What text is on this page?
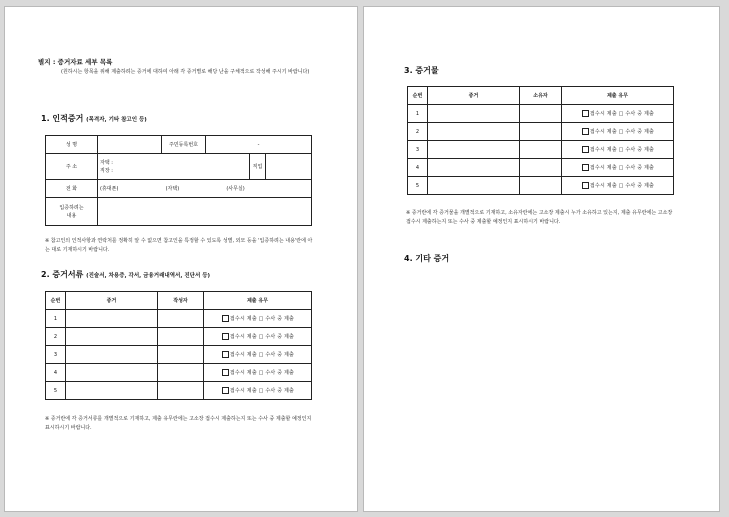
별지 : 증거자료 세부 목록
(원하시는 항목을 위해 제출하려는 증거에 대하여 아래 각 증거별로 해당 난을 구체적으로 작성해 주시기 바랍니다)
1. 인적증거 (목격자, 기타 참고인 등)
성 명		주민등록번호	-		
주 소	자택 :
직장 :			직업	
전 화	(휴대폰) (자택) (사무실)				

입증하려는
내용					

※ 참고인의 인적사항과 연락처를 정확히 알 수 없으면 참고인을 특정할 수 있도록 성별, 외모 등을 '입증하려는 내용'란에 아는 대로 기재하시기 바랍니다.
2. 증거서류 (진술서, 차용증, 각서, 금융거래내역서, 진단서 등)
순번	증거	작성자	제출 유무
1			접수시 제출 □ 수사 중 제출
2			접수시 제출 □ 수사 중 제출
3			접수시 제출 □ 수사 중 제출
4			접수시 제출 □ 수사 중 제출
5			접수시 제출 □ 수사 중 제출
※ 증거란에 각 증거서류를 개별적으로 기재하고, 제출 유무란에는 고소장 접수시 제출하는지 또는 수사 중 제출할 예정인지 표시하시기 바랍니다.
3. 증거물
순번	증거	소유자	제출 유무
1			접수시 제출 □ 수사 중 제출
2			접수시 제출 □ 수사 중 제출
3			접수시 제출 □ 수사 중 제출
4			접수시 제출 □ 수사 중 제출
5			접수시 제출 □ 수사 중 제출
※ 증거란에 각 증거물을 개별적으로 기재하고, 소유자란에는 고소장 제출시 누가 소유하고 있는지, 제출 유무란에는 고소장 접수시 제출하는지 또는 수사 중 제출할 예정인지 표시하시기 바랍니다.
4. 기타 증거
